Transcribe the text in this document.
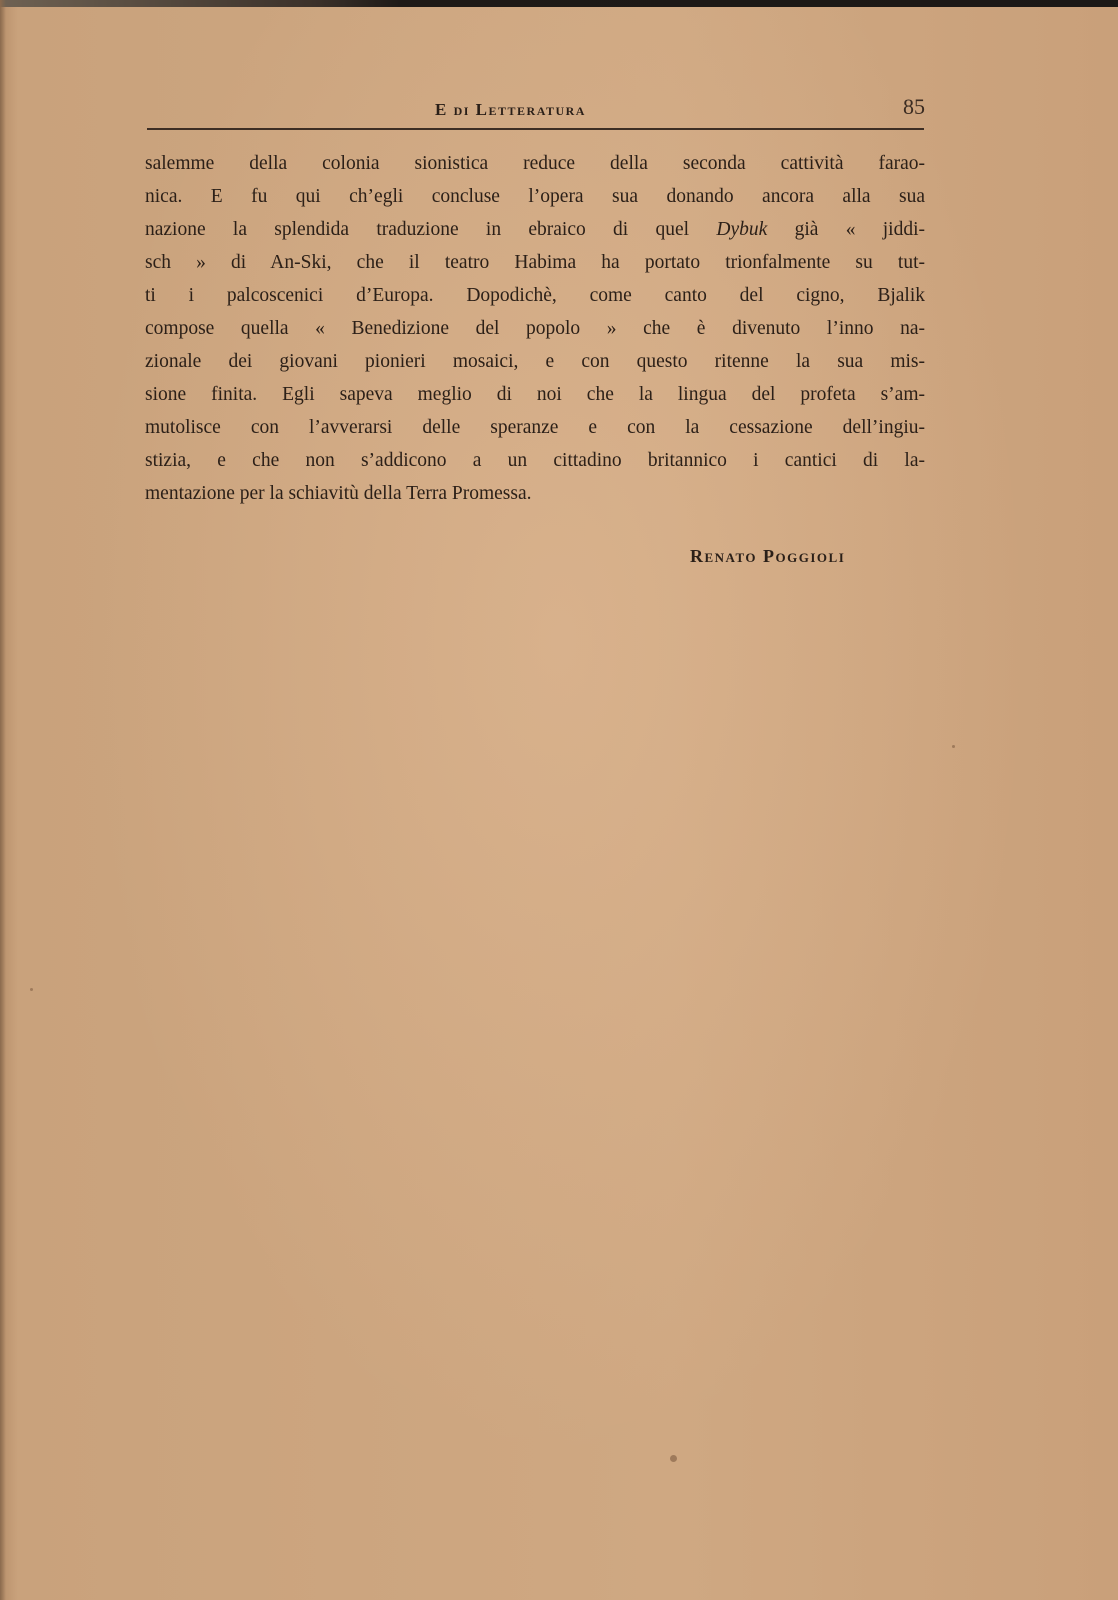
E di Letteratura	85
salemme della colonia sionistica reduce della seconda cattività farao-
nica. E fu qui ch’egli concluse l’opera sua donando ancora alla sua
nazione la splendida traduzione in ebraico di quel Dybuk già « jiddi-
sch » di An-Ski, che il teatro Habima ha portato trionfalmente su tut-
ti i palcoscenici d’Europa. Dopodichè, come canto del cigno, Bjalik
compose quella « Benedizione del popolo » che è divenuto l’inno na-
zionale dei giovani pionieri mosaici, e con questo ritenne la sua mis-
sione finita. Egli sapeva meglio di noi che la lingua del profeta s’am-
mutolisce con l’avverarsi delle speranze e con la cessazione dell’ingiu-
stizia, e che non s’addicono a un cittadino britannico i cantici di la-
mentazione per la schiavitù della Terra Promessa.
Renato Poggioli
